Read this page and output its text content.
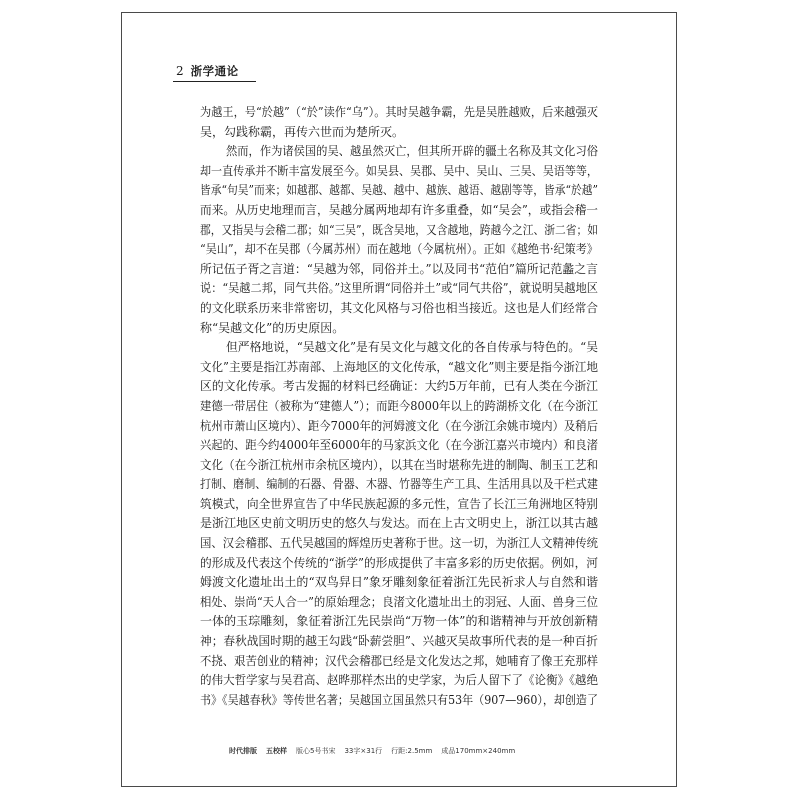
2 浙学通论
为越王，号“於越”（“於”读作“乌”）。其时吴越争霸，先是吴胜越败，后来越强灭
吴，勾践称霸，再传六世而为楚所灭。
然而，作为诸侯国的吴、越虽然灭亡，但其所开辟的疆土名称及其文化习俗
却一直传承并不断丰富发展至今。如吴县、吴郡、吴中、吴山、三吴、吴语等等，
皆承“句吴”而来；如越郡、越都、吴越、越中、越族、越语、越剧等等，皆承“於越”
而来。从历史地理而言，吴越分属两地却有许多重叠，如“吴会”，或指会稽一
郡，又指吴与会稽二郡；如“三吴”，既含吴地，又含越地，跨越今之江、浙二省；如
“吴山”，却不在吴郡（今属苏州）而在越地（今属杭州）。正如《越绝书·纪策考》
所记伍子胥之言道：“吴越为邻，同俗并土。”以及同书“范伯”篇所记范蠡之言
说：“吴越二邦，同气共俗。”这里所谓“同俗并土”或“同气共俗”，就说明吴越地区
的文化联系历来非常密切，其文化风格与习俗也相当接近。这也是人们经常合
称“吴越文化”的历史原因。
但严格地说，“吴越文化”是有吴文化与越文化的各自传承与特色的。“吴
文化”主要是指江苏南部、上海地区的文化传承，“越文化”则主要是指今浙江地
区的文化传承。考古发掘的材料已经确证：大约5万年前，已有人类在今浙江
建德一带居住（被称为“建德人”）；而距今8000年以上的跨湖桥文化（在今浙江
杭州市萧山区境内）、距今7000年的河姆渡文化（在今浙江余姚市境内）及稍后
兴起的、距今约4000年至6000年的马家浜文化（在今浙江嘉兴市境内）和良渚
文化（在今浙江杭州市余杭区境内），以其在当时堪称先进的制陶、制玉工艺和
打制、磨制、编制的石器、骨器、木器、竹器等生产工具、生活用具以及干栏式建
筑模式，向全世界宣告了中华民族起源的多元性，宣告了长江三角洲地区特别
是浙江地区史前文明历史的悠久与发达。而在上古文明史上，浙江以其古越
国、汉会稽郡、五代吴越国的辉煌历史著称于世。这一切，为浙江人文精神传统
的形成及代表这个传统的“浙学”的形成提供了丰富多彩的历史依据。例如，河
姆渡文化遗址出土的“双鸟舁日”象牙雕刻象征着浙江先民祈求人与自然和谐
相处、崇尚“天人合一”的原始理念；良渚文化遗址出土的羽冠、人面、兽身三位
一体的玉琮雕刻，象征着浙江先民崇尚“万物一体”的和谐精神与开放创新精
神；春秋战国时期的越王勾践“卧薪尝胆”、兴越灭吴故事所代表的是一种百折
不挠、艰苦创业的精神；汉代会稽郡已经是文化发达之邦，她哺育了像王充那样
的伟大哲学家与吴君高、赵晔那样杰出的史学家，为后人留下了《论衡》《越绝
书》《吴越春秋》等传世名著；吴越国立国虽然只有53年（907—960），却创造了
时代排版 五校样 版心5号书宋 33字×31行 行距:2.5mm 成品170mm×240mm
